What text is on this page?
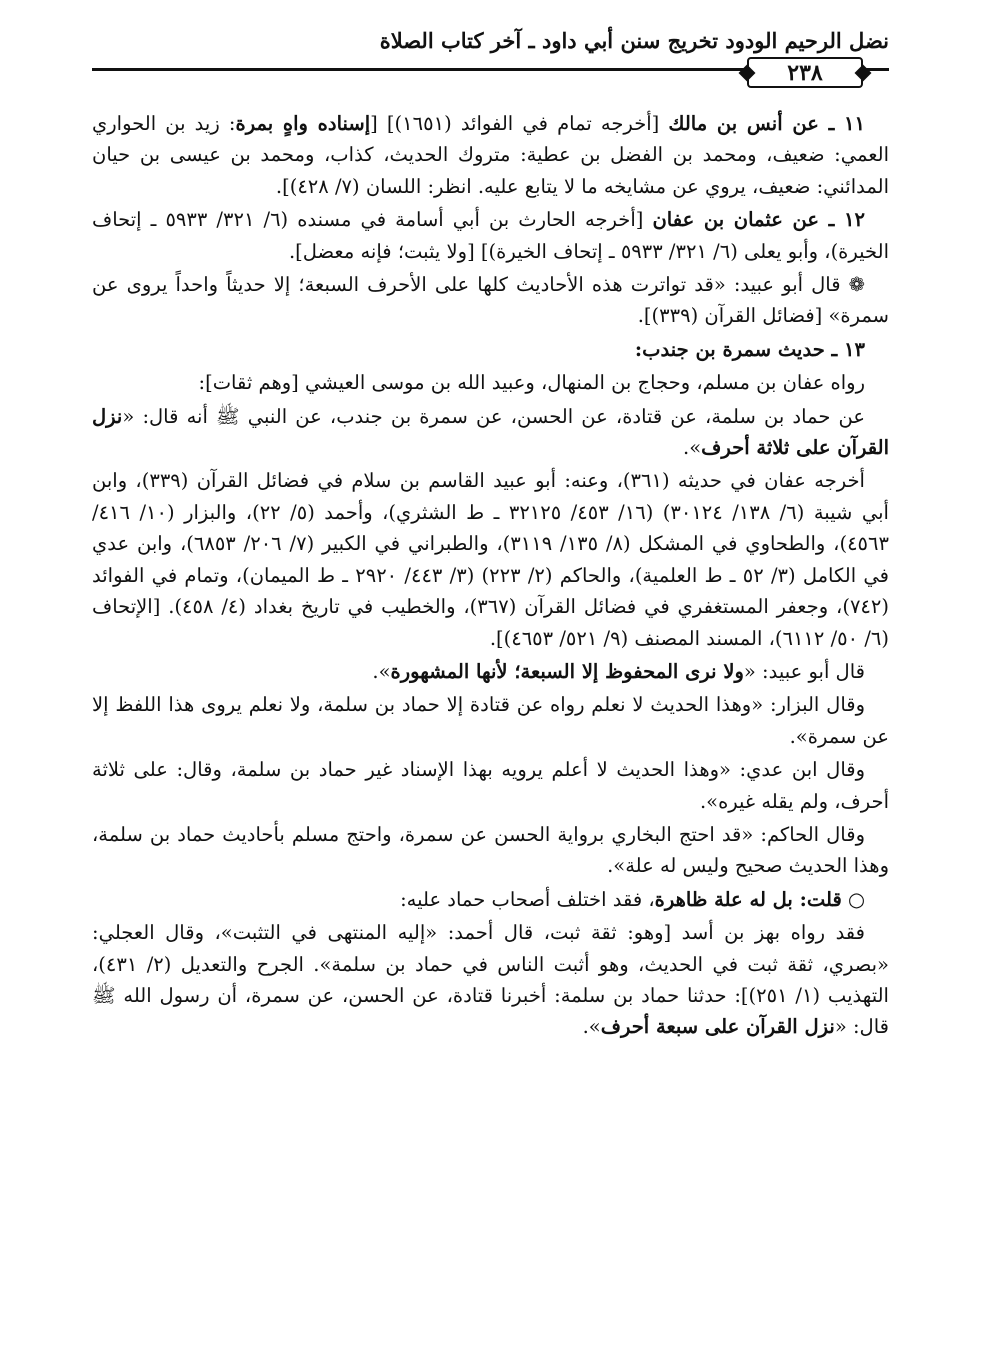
نضل الرحيم الودود تخريج سنن أبي داود ـ آخر كتاب الصلاة
٢٣٨

١١ ـ عن أنس بن مالك [أخرجه تمام في الفوائد (١٦٥١)] [إسناده واهٍ بمرة: زيد بن الحواري العمي: ضعيف، ومحمد بن الفضل بن عطية: متروك الحديث، كذاب، ومحمد بن عيسى بن حيان المدائني: ضعيف، يروي عن مشايخه ما لا يتابع عليه. انظر: اللسان (٧/ ٤٢٨)].

١٢ ـ عن عثمان بن عفان [أخرجه الحارث بن أبي أسامة في مسنده (٦/ ٣٢١/ ٥٩٣٣ ـ إتحاف الخيرة)، وأبو يعلى (٦/ ٣٢١/ ٥٩٣٣ ـ إتحاف الخيرة)] [ولا يثبت؛ فإنه معضل].

❁ قال أبو عبيد: «قد تواترت هذه الأحاديث كلها على الأحرف السبعة؛ إلا حديثاً واحداً يروى عن سمرة» [فضائل القرآن (٣٣٩)].

١٣ ـ حديث سمرة بن جندب:

رواه عفان بن مسلم، وحجاج بن المنهال، وعبيد الله بن موسى العيشي [وهم ثقات]:

عن حماد بن سلمة، عن قتادة، عن الحسن، عن سمرة بن جندب، عن النبي ﷺ أنه قال: «نزل القرآن على ثلاثة أحرف».

أخرجه عفان في حديثه (٣٦١)، وعنه: أبو عبيد القاسم بن سلام في فضائل القرآن (٣٣٩)، وابن أبي شيبة (٦/ ١٣٨/ ٣٠١٢٤) (١٦/ ٤٥٣/ ٣٢١٢٥ ـ ط الشثري)، وأحمد (٥/ ٢٢)، والبزار (١٠/ ٤١٦/ ٤٥٦٣)، والطحاوي في المشكل (٨/ ١٣٥/ ٣١١٩)، والطبراني في الكبير (٧/ ٢٠٦/ ٦٨٥٣)، وابن عدي في الكامل (٣/ ٥٢ ـ ط العلمية)، والحاكم (٢/ ٢٢٣) (٣/ ٤٤٣/ ٢٩٢٠ ـ ط الميمان)، وتمام في الفوائد (٧٤٢)، وجعفر المستغفري في فضائل القرآن (٣٦٧)، والخطيب في تاريخ بغداد (٤/ ٤٥٨). [الإتحاف (٦/ ٥٠/ ٦١١٢)، المسند المصنف (٩/ ٥٢١/ ٤٦٥٣)].

قال أبو عبيد: «ولا نرى المحفوظ إلا السبعة؛ لأنها المشهورة».

وقال البزار: «وهذا الحديث لا نعلم رواه عن قتادة إلا حماد بن سلمة، ولا نعلم يروى هذا اللفظ إلا عن سمرة».

وقال ابن عدي: «وهذا الحديث لا أعلم يرويه بهذا الإسناد غير حماد بن سلمة، وقال: على ثلاثة أحرف، ولم يقله غيره».

وقال الحاكم: «قد احتج البخاري برواية الحسن عن سمرة، واحتج مسلم بأحاديث حماد بن سلمة، وهذا الحديث صحيح وليس له علة».

○ قلت: بل له علة ظاهرة، فقد اختلف أصحاب حماد عليه:

فقد رواه بهز بن أسد [وهو: ثقة ثبت، قال أحمد: «إليه المنتهى في التثبت»، وقال العجلي: «بصري، ثقة ثبت في الحديث، وهو أثبت الناس في حماد بن سلمة». الجرح والتعديل (٢/ ٤٣١)، التهذيب (١/ ٢٥١)]: حدثنا حماد بن سلمة: أخبرنا قتادة، عن الحسن، عن سمرة، أن رسول الله ﷺ قال: «نزل القرآن على سبعة أحرف».
